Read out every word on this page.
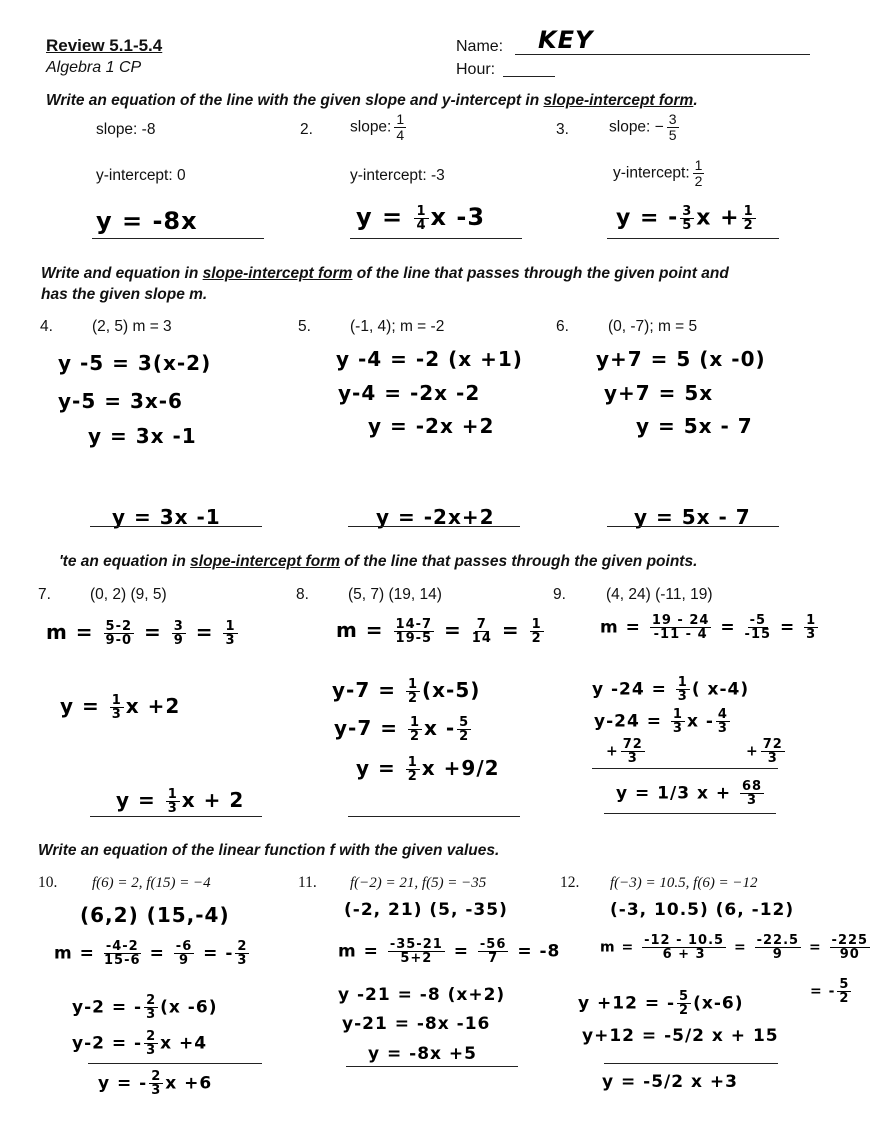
Review 5.1-5.4
Algebra 1 CP
Name: KEY
Hour:
Write an equation of the line with the given slope and y-intercept in slope-intercept form.
slope: -8
y-intercept: 0
y = -8x
2. slope: $\frac{1}{4}$
y-intercept: -3
$y = \frac{1}{4}$ x -3
3.	slope: − $\frac{3}{5}$
y-intercept: $\frac{1}{2}$
y = - $\frac{3}{5}$ $x + \frac{1}{2}$
Write and equation in slope-intercept form of the line that passes through the given point and
has the given slope m.
4.	(2, 5) m = 3
y -5 = 3(x-2)
y-5 = 3x-6
y = 3x -1
y = 3x -1
5.	(-1, 4); m = -2
y -4 = -2 (x +1)
y-4 = -2x -2
y = -2x +2
y = -2x+2
6.	(0, -7); m = 5
y+7 = 5 (x -0)
y+7 = 5x
y = 5x - 7
y = 5x - 7
'te an equation in slope-intercept form of the line that passes through the given points.
7.	(0, 2) (9, 5)
$m = \frac{5-2}{9-0} = \frac{3}{9} = \frac{1}{3}$
$y = \frac{1}{3}$ x +2
$y = \frac{1}{3}$ x + 2
8.	(5, 7) (19, 14)
$m = \frac{14-7}{19-5} = \frac{7}{14} = \frac{1}{2}$
$y-7 = \frac{1}{2} (x-5)$
$y-7 = \frac{1}{2}$ x - $\frac{5}{2}$
$y = \frac{1}{2}$ x +9/2
9.	(4, 24) (-11, 19)
$m = \frac{19 - 24}{-11 - 4} = \frac{-5}{-15} = \frac{1}{3}$
y $-24 = \frac{1}{3}$ ( x-4)
$y-24 = \frac{1}{3}$ x - $\frac{4}{3}$
+ $\frac{72}{3}$	+ $\frac{72}{3}$
y = 1/3 $x + \frac{68}{3}$
Write an equation of the linear function f with the given values.
10. f(6) = 2, f(15) = −4
(6,2) (15,-4)
$m = \frac{-4-2}{15-6} = \frac{-6}{9}$ = - $\frac{2}{3}$
y-2 = - $\frac{2}{3} (x$ -6)
y-2 = - $\frac{2}{3}$ x +4
y = - $\frac{2}{3}$ x +6
11. f(−2) = 21, f(5) = −35
(-2, 21) (5, -35)
$m = \frac{-35-21}{5+2} = \frac{-56}{7} = -8$
y -21 = -8 (x+2)
y-21 = -8x -16
y = -8x +5
12. f(−3) = 10.5, f(6) = −12
(-3, 10.5) (6, -12)
$m = \frac{-12 - 10.5}{6 + 3} = \frac{-22.5}{9} = \frac{-225}{90}$
= - $\frac{5}{2}$
y +12 = - $\frac{5}{2} (x-6)$
y+12 = -5/2 x + 15
y = -5/2 x +3
